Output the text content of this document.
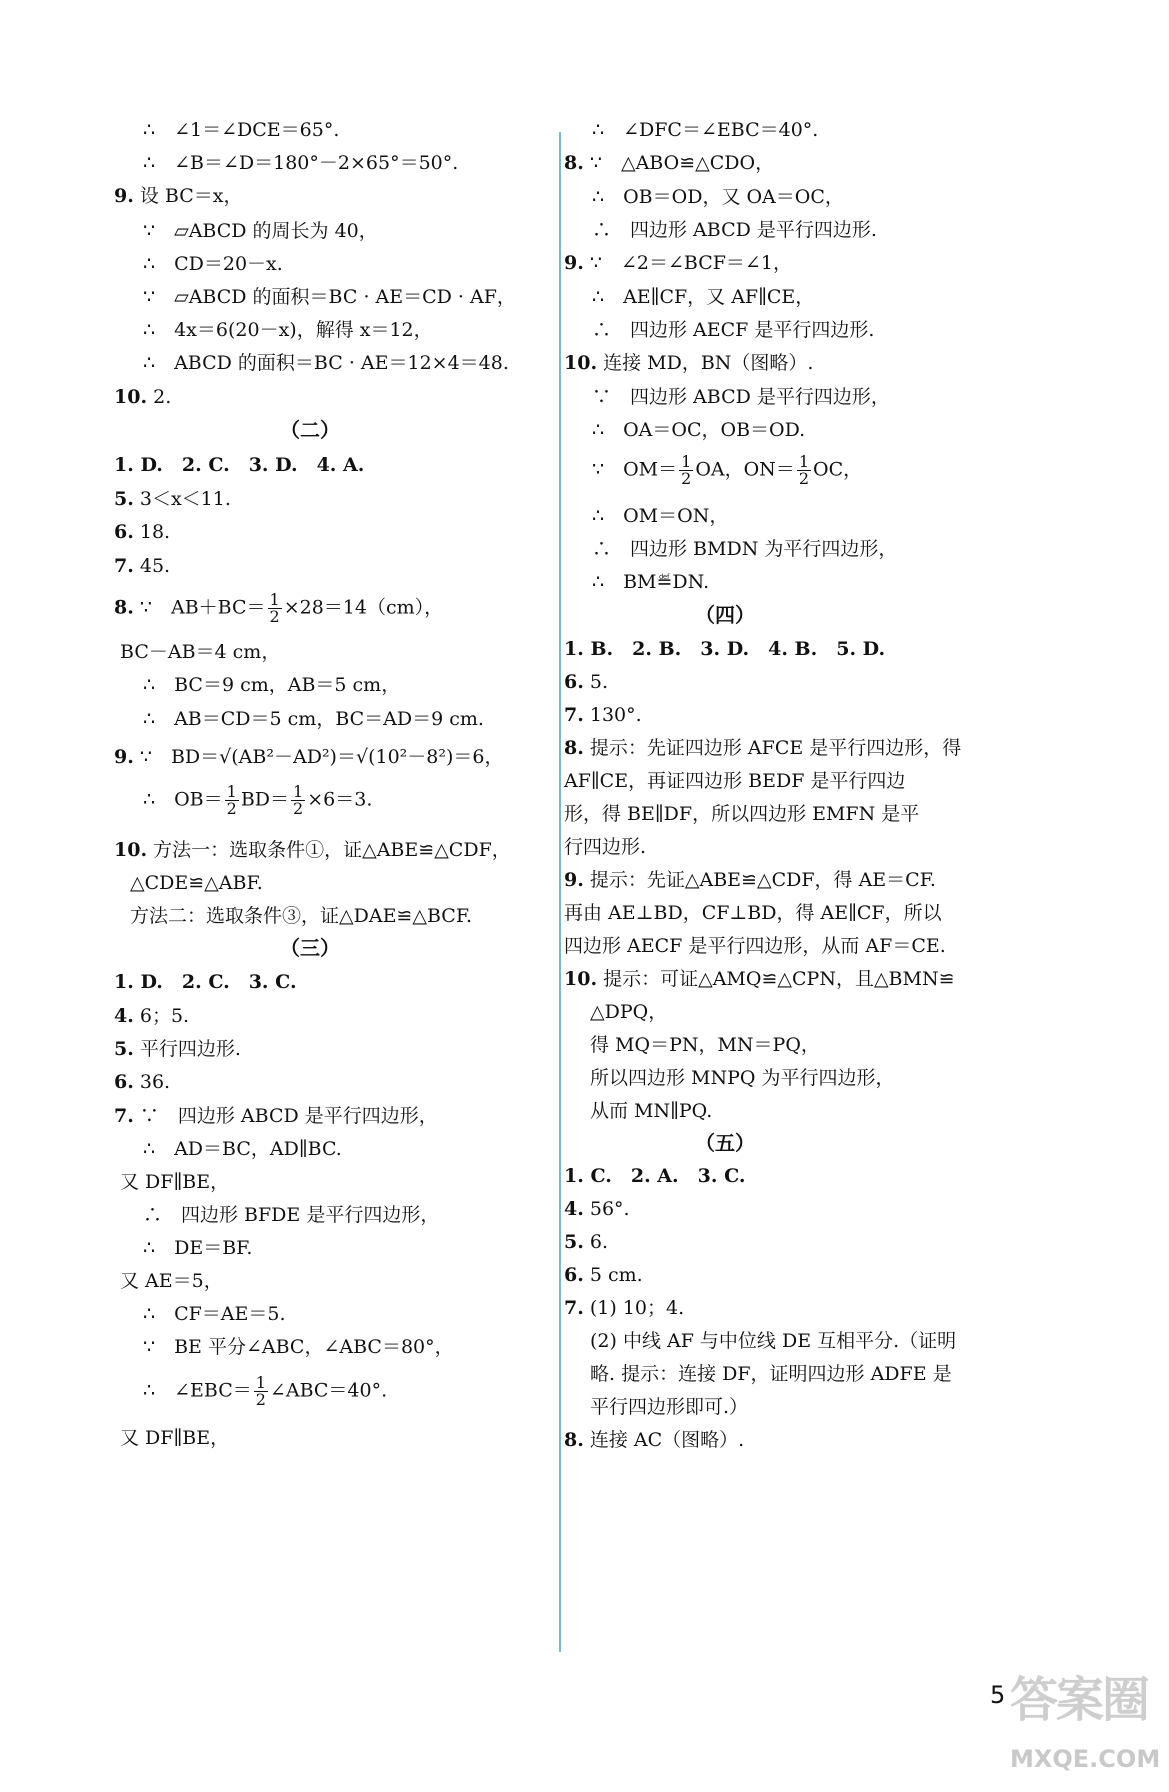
∴　∠1＝∠DCE＝65°.
∴　∠B＝∠D＝180°－2×65°＝50°.
9. 设 BC＝x，
∵　▱ABCD 的周长为 40，
∴　CD＝20－x.
∵　▱ABCD 的面积＝BC · AE＝CD · AF，
∴　4x＝6(20－x)，解得 x＝12，
∴　ABCD 的面积＝BC · AE＝12×4＝48.
10. 2.
（二）
1. D.　2. C.　3. D.　4. A.
5. 3＜x＜11.
6. 18.
7. 45.
8. ∵　$AB+BC= \frac{1}{2} \times 28=14(cm)$，
BC－AB＝4 cm，
∴　BC＝9 cm，AB＝5 cm，
∴　AB＝CD＝5 cm，BC＝AD＝9 cm.
9. ∵　BD＝√(AB²－AD²)＝√(10²－8²)＝6，
∴　$OB= \frac{1}{2} BD= \frac{1}{2} \times 6=3$.
10. 方法一：选取条件①，证△ABE≌△CDF，
△CDE≌△ABF.
方法二：选取条件③，证△DAE≌△BCF.
（三）
1. D.　2. C.　3. C.
4. 6；5.
5. 平行四边形.
6. 36.
7. ∵　四边形 ABCD 是平行四边形，
∴　AD＝BC，AD∥BC.
又 DF∥BE，
∴　四边形 BFDE 是平行四边形，
∴　DE＝BF.
又 AE＝5，
∴　CF＝AE＝5.
∵　BE 平分∠ABC，∠ABC＝80°，
∴　∠EBC＝ $\frac{1}{2}$ ∠ABC＝40°.
又 DF∥BE，
∴　∠DFC＝∠EBC＝40°.
8. ∵　△ABO≌△CDO，
∴　OB＝OD，又 OA＝OC，
∴　四边形 ABCD 是平行四边形.
9. ∵　∠2＝∠BCF＝∠1，
∴　AE∥CF，又 AF∥CE，
∴　四边形 AECF 是平行四边形.
10. 连接 MD，BN（图略）.
∵　四边形 ABCD 是平行四边形，
∴　OA＝OC，OB＝OD.
∵　$OM= \frac{1}{2}$ OA，$ON= \frac{1}{2}$ OC，
∴　OM＝ON，
∴　四边形 BMDN 为平行四边形，
∴　BM≝DN.
（四）
1. B.　2. B.　3. D.　4. B.　5. D.
6. 5.
7. 130°.
8. 提示：先证四边形 AFCE 是平行四边形，得
AF∥CE，再证四边形 BEDF 是平行四边
形，得 BE∥DF，所以四边形 EMFN 是平
行四边形.
9. 提示：先证△ABE≌△CDF，得 AE＝CF.
再由 AE⊥BD，CF⊥BD，得 AE∥CF，所以
四边形 AECF 是平行四边形，从而 AF＝CE.
10. 提示：可证△AMQ≌△CPN，且△BMN≌
△DPQ，
得 MQ＝PN，MN＝PQ，
所以四边形 MNPQ 为平行四边形，
从而 MN∥PQ.
（五）
1. C.　2. A.　3. C.
4. 56°.
5. 6.
6. 5 cm.
7. (1) 10；4.
(2) 中线 AF 与中位线 DE 互相平分.（证明
略. 提示：连接 DF，证明四边形 ADFE 是
平行四边形即可.）
8. 连接 AC（图略）.
5 答案圈
MXQE.COM
